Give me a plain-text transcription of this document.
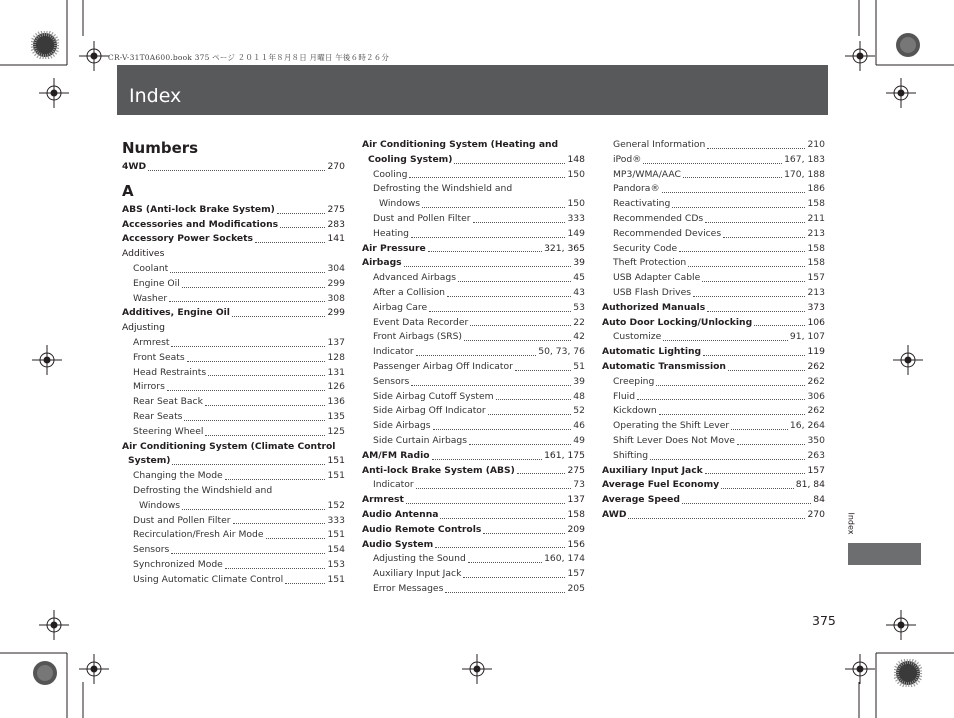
CR-V-31T0A600.book 375 ページ ２０１１年８月８日 月曜日 午後６時２６分
Index
Numbers
4WD	270
A
ABS (Anti-lock Brake System)	275
Accessories and Modifications	283
Accessory Power Sockets	141
Additives
Coolant	304
Engine Oil	299
Washer	308
Additives, Engine Oil	299
Adjusting
Armrest	137
Front Seats	128
Head Restraints	131
Mirrors	126
Rear Seat Back	136
Rear Seats	135
Steering Wheel	125
Air Conditioning System (Climate Control
System)	151
Changing the Mode	151
Defrosting the Windshield and
Windows	152
Dust and Pollen Filter	333
Recirculation/Fresh Air Mode	151
Sensors	154
Synchronized Mode	153
Using Automatic Climate Control	151
Air Conditioning System (Heating and
Cooling System)	148
Cooling	150
Defrosting the Windshield and
Windows	150
Dust and Pollen Filter	333
Heating	149
Air Pressure	321, 365
Airbags	39
Advanced Airbags	45
After a Collision	43
Airbag Care	53
Event Data Recorder	22
Front Airbags (SRS)	42
Indicator	50, 73, 76
Passenger Airbag Off Indicator	51
Sensors	39
Side Airbag Cutoff System	48
Side Airbag Off Indicator	52
Side Airbags	46
Side Curtain Airbags	49
AM/FM Radio	161, 175
Anti-lock Brake System (ABS)	275
Indicator	73
Armrest	137
Audio Antenna	158
Audio Remote Controls	209
Audio System	156
Adjusting the Sound	160, 174
Auxiliary Input Jack	157
Error Messages	205
General Information	210
iPod®	167, 183
MP3/WMA/AAC	170, 188
Pandora®	186
Reactivating	158
Recommended CDs	211
Recommended Devices	213
Security Code	158
Theft Protection	158
USB Adapter Cable	157
USB Flash Drives	213
Authorized Manuals	373
Auto Door Locking/Unlocking	106
Customize	91, 107
Automatic Lighting	119
Automatic Transmission	262
Creeping	262
Fluid	306
Kickdown	262
Operating the Shift Lever	16, 264
Shift Lever Does Not Move	350
Shifting	263
Auxiliary Input Jack	157
Average Fuel Economy	81, 84
Average Speed	84
AWD	270	Index
375
